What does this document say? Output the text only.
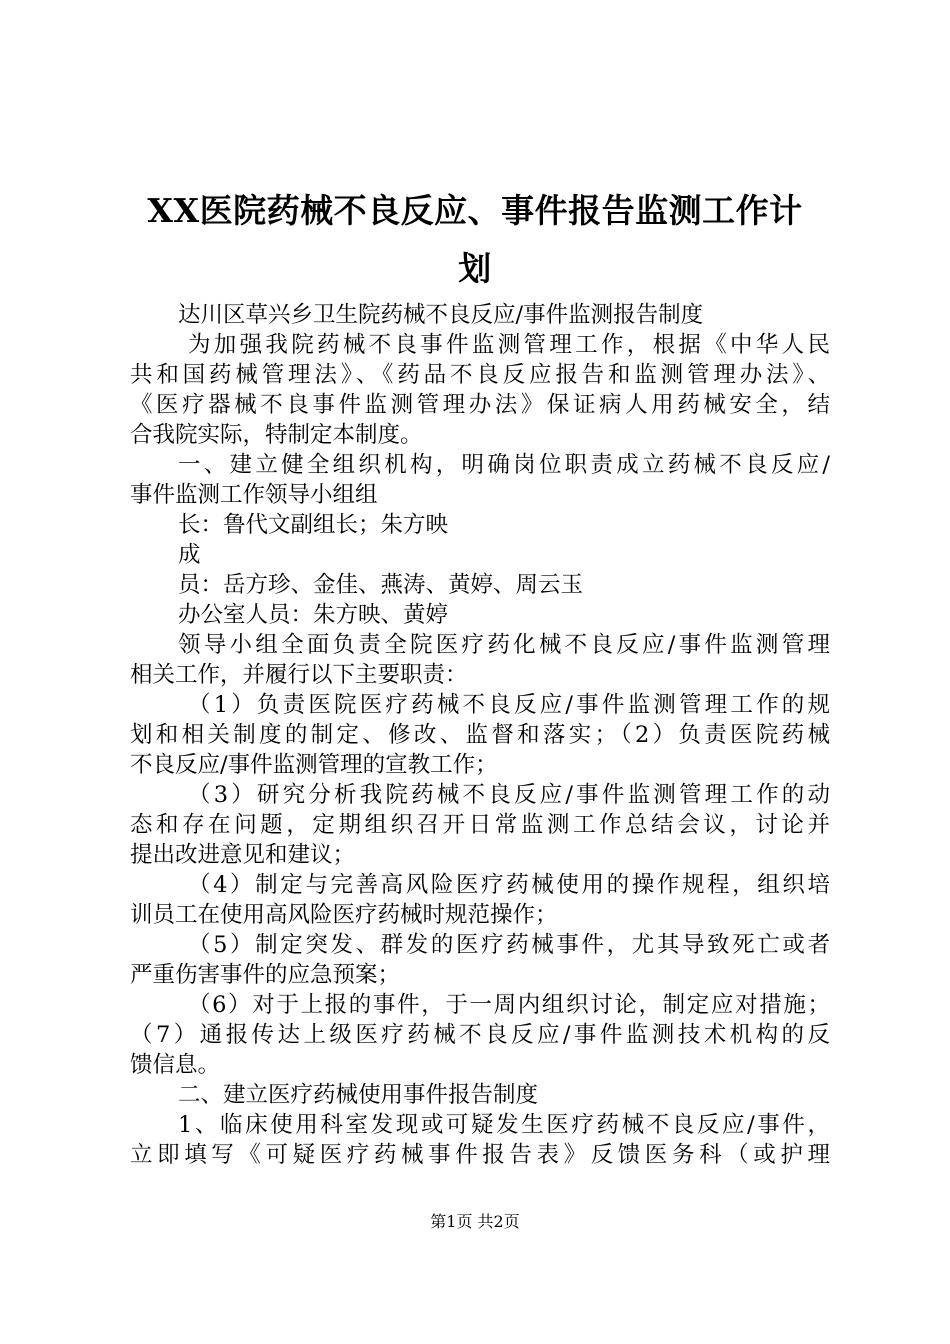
XX医院药械不良反应、事件报告监测工作计
划
达川区草兴乡卫生院药械不良反应/事件监测报告制度
为加强我院药械不良事件监测管理工作，根据《中华人民
共和国药械管理法》、《药品不良反应报告和监测管理办法》、
《医疗器械不良事件监测管理办法》保证病人用药械安全，结
合我院实际，特制定本制度。
一、建立健全组织机构，明确岗位职责成立药械不良反应/
事件监测工作领导小组组
长：鲁代文副组长；朱方映
成
员：岳方珍、金佳、燕涛、黄婷、周云玉
办公室人员：朱方映、黄婷
领导小组全面负责全院医疗药化械不良反应/事件监测管理
相关工作，并履行以下主要职责：
（1）负责医院医疗药械不良反应/事件监测管理工作的规
划和相关制度的制定、修改、监督和落实；（2）负责医院药械
不良反应/事件监测管理的宣教工作；
（3）研究分析我院药械不良反应/事件监测管理工作的动
态和存在问题，定期组织召开日常监测工作总结会议，讨论并
提出改进意见和建议；
（4）制定与完善高风险医疗药械使用的操作规程，组织培
训员工在使用高风险医疗药械时规范操作；
（5）制定突发、群发的医疗药械事件，尤其导致死亡或者
严重伤害事件的应急预案；
（6）对于上报的事件，于一周内组织讨论，制定应对措施；
（7）通报传达上级医疗药械不良反应/事件监测技术机构的反
馈信息。
二、建立医疗药械使用事件报告制度
1、临床使用科室发现或可疑发生医疗药械不良反应/事件，
立即填写《可疑医疗药械事件报告表》反馈医务科（或护理
第1页 共2页
